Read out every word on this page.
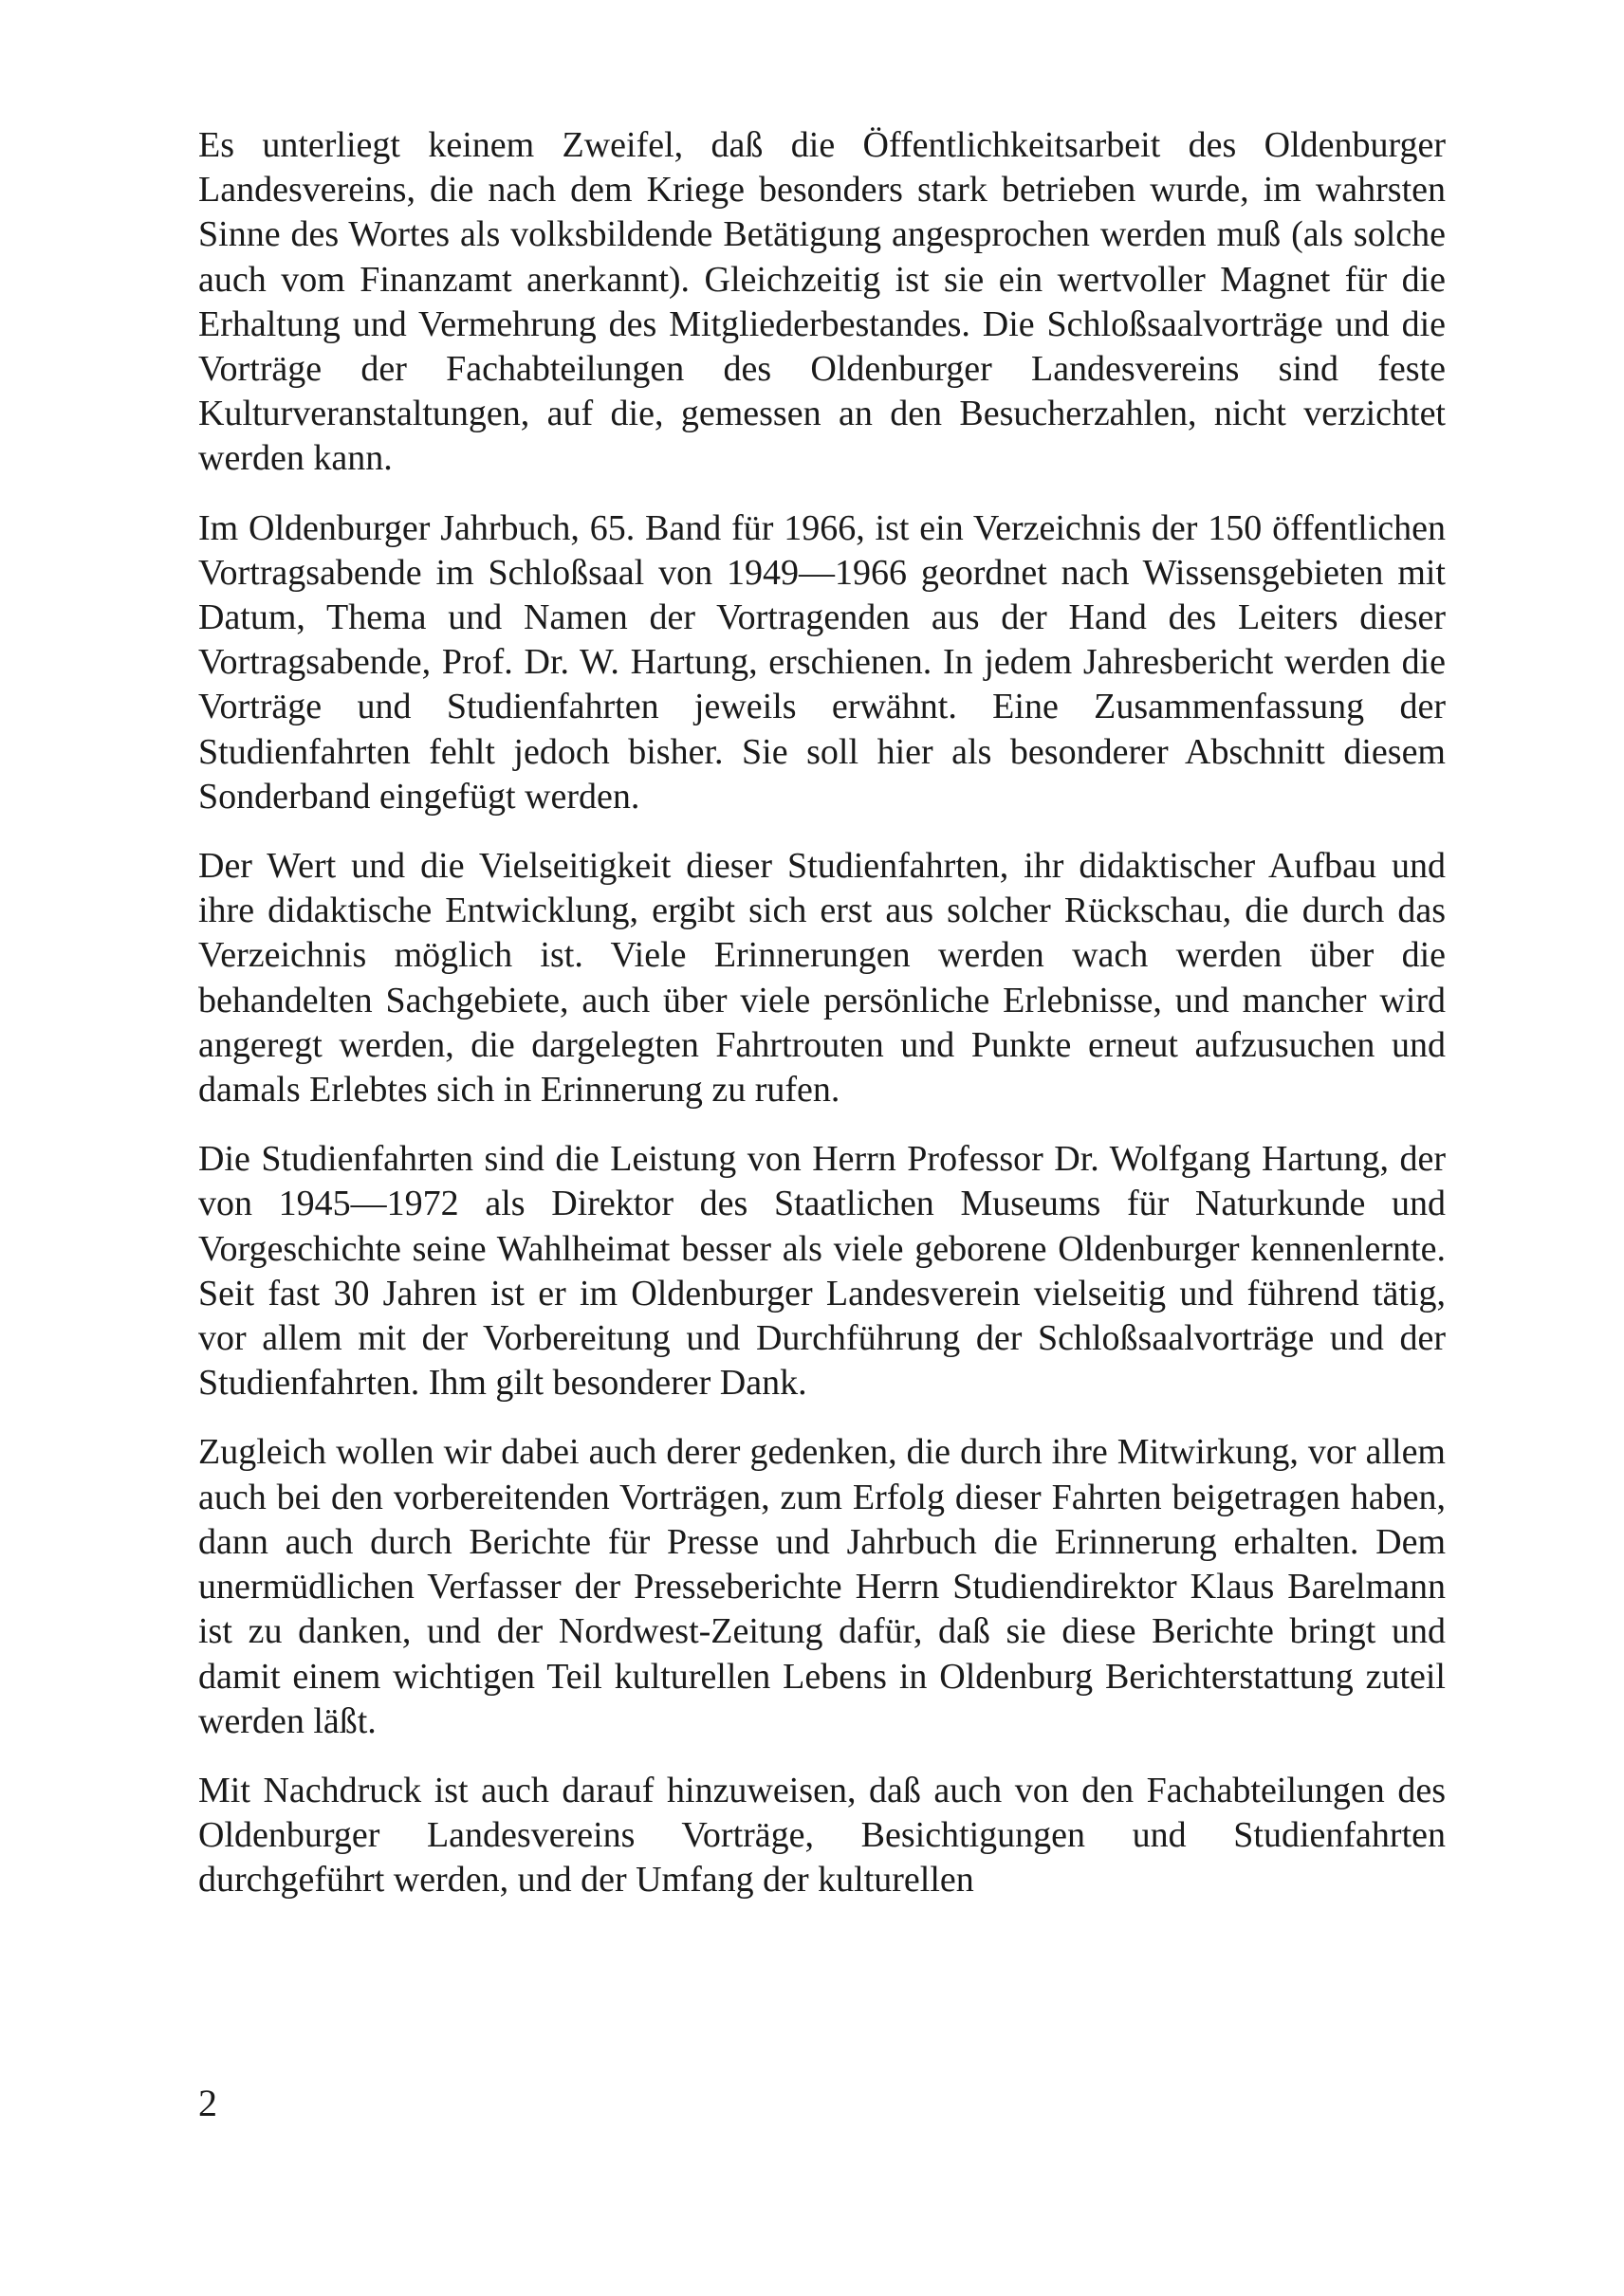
Es unterliegt keinem Zweifel, daß die Öffentlichkeitsarbeit des Oldenburger Landesvereins, die nach dem Kriege besonders stark betrieben wurde, im wahrsten Sinne des Wortes als volksbildende Betätigung angesprochen werden muß (als solche auch vom Finanzamt anerkannt). Gleichzeitig ist sie ein wertvoller Magnet für die Erhaltung und Vermehrung des Mitgliederbestandes. Die Schloßsaalvorträge und die Vorträge der Fachabteilungen des Oldenburger Landesvereins sind feste Kulturveranstaltungen, auf die, gemessen an den Besucherzahlen, nicht verzichtet werden kann.

Im Oldenburger Jahrbuch, 65. Band für 1966, ist ein Verzeichnis der 150 öffentlichen Vortragsabende im Schloßsaal von 1949—1966 geordnet nach Wissensgebieten mit Datum, Thema und Namen der Vortragenden aus der Hand des Leiters dieser Vortragsabende, Prof. Dr. W. Hartung, erschienen. In jedem Jahresbericht werden die Vorträge und Studienfahrten jeweils erwähnt. Eine Zusammenfassung der Studienfahrten fehlt jedoch bisher. Sie soll hier als besonderer Abschnitt diesem Sonderband eingefügt werden.

Der Wert und die Vielseitigkeit dieser Studienfahrten, ihr didaktischer Aufbau und ihre didaktische Entwicklung, ergibt sich erst aus solcher Rückschau, die durch das Verzeichnis möglich ist. Viele Erinnerungen werden wach werden über die behandelten Sachgebiete, auch über viele persönliche Erlebnisse, und mancher wird angeregt werden, die dargelegten Fahrtrouten und Punkte erneut aufzusuchen und damals Erlebtes sich in Erinnerung zu rufen.

Die Studienfahrten sind die Leistung von Herrn Professor Dr. Wolfgang Hartung, der von 1945—1972 als Direktor des Staatlichen Museums für Naturkunde und Vorgeschichte seine Wahlheimat besser als viele geborene Oldenburger kennenlernte. Seit fast 30 Jahren ist er im Oldenburger Landesverein vielseitig und führend tätig, vor allem mit der Vorbereitung und Durchführung der Schloßsaalvorträge und der Studienfahrten. Ihm gilt besonderer Dank.

Zugleich wollen wir dabei auch derer gedenken, die durch ihre Mitwirkung, vor allem auch bei den vorbereitenden Vorträgen, zum Erfolg dieser Fahrten beigetragen haben, dann auch durch Berichte für Presse und Jahrbuch die Erinnerung erhalten. Dem unermüdlichen Verfasser der Presseberichte Herrn Studiendirektor Klaus Barelmann ist zu danken, und der Nordwest-Zeitung dafür, daß sie diese Berichte bringt und damit einem wichtigen Teil kulturellen Lebens in Oldenburg Berichterstattung zuteil werden läßt.

Mit Nachdruck ist auch darauf hinzuweisen, daß auch von den Fachabteilungen des Oldenburger Landesvereins Vorträge, Besichtigungen und Studienfahrten durchgeführt werden, und der Umfang der kulturellen

2
